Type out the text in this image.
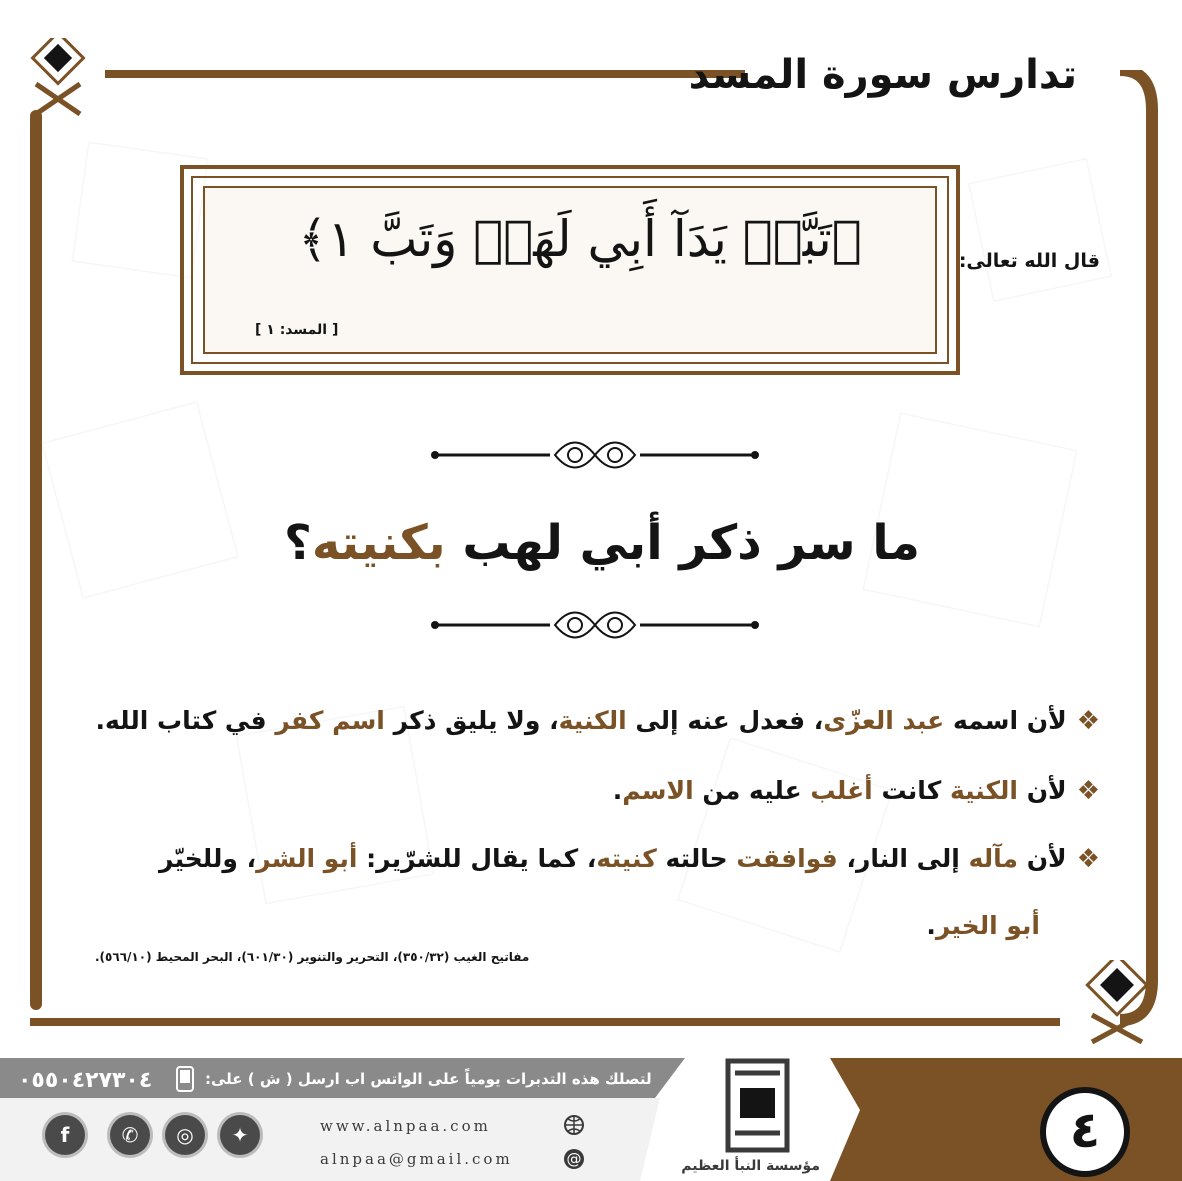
تدارس سورة المسد
﴿تَبَّتۡ يَدَآ أَبِي لَهَبٖ وَتَبَّ ١﴾
[ المسد: ١ ]
قال الله تعالى:
ما سر ذكر أبي لهب بكنيته؟
❖لأن اسمه عبد العزّى، فعدل عنه إلى الكنية، ولا يليق ذكر اسم كفر في كتاب الله.
❖لأن الكنية كانت أغلب عليه من الاسم.
❖لأن مآله إلى النار، فوافقت حالته كنيته، كما يقال للشرّير: أبو الشر، وللخيّر
أبو الخير.
مفاتيح الغيب (٣٥٠/٣٢)، التحرير والتنوير (٦٠١/٣٠)، البحر المحيط (٥٦٦/١٠).
مؤسسة النبأ العظيم
٠٥٥٠٤٢٧٣٠٤	لتصلك هذه التدبرات يومياً على الواتس اب ارسل ( ش ) على:
www.alnpaa.com
alnpaa@gmail.com	@
f	✆	◎	✦	٤
